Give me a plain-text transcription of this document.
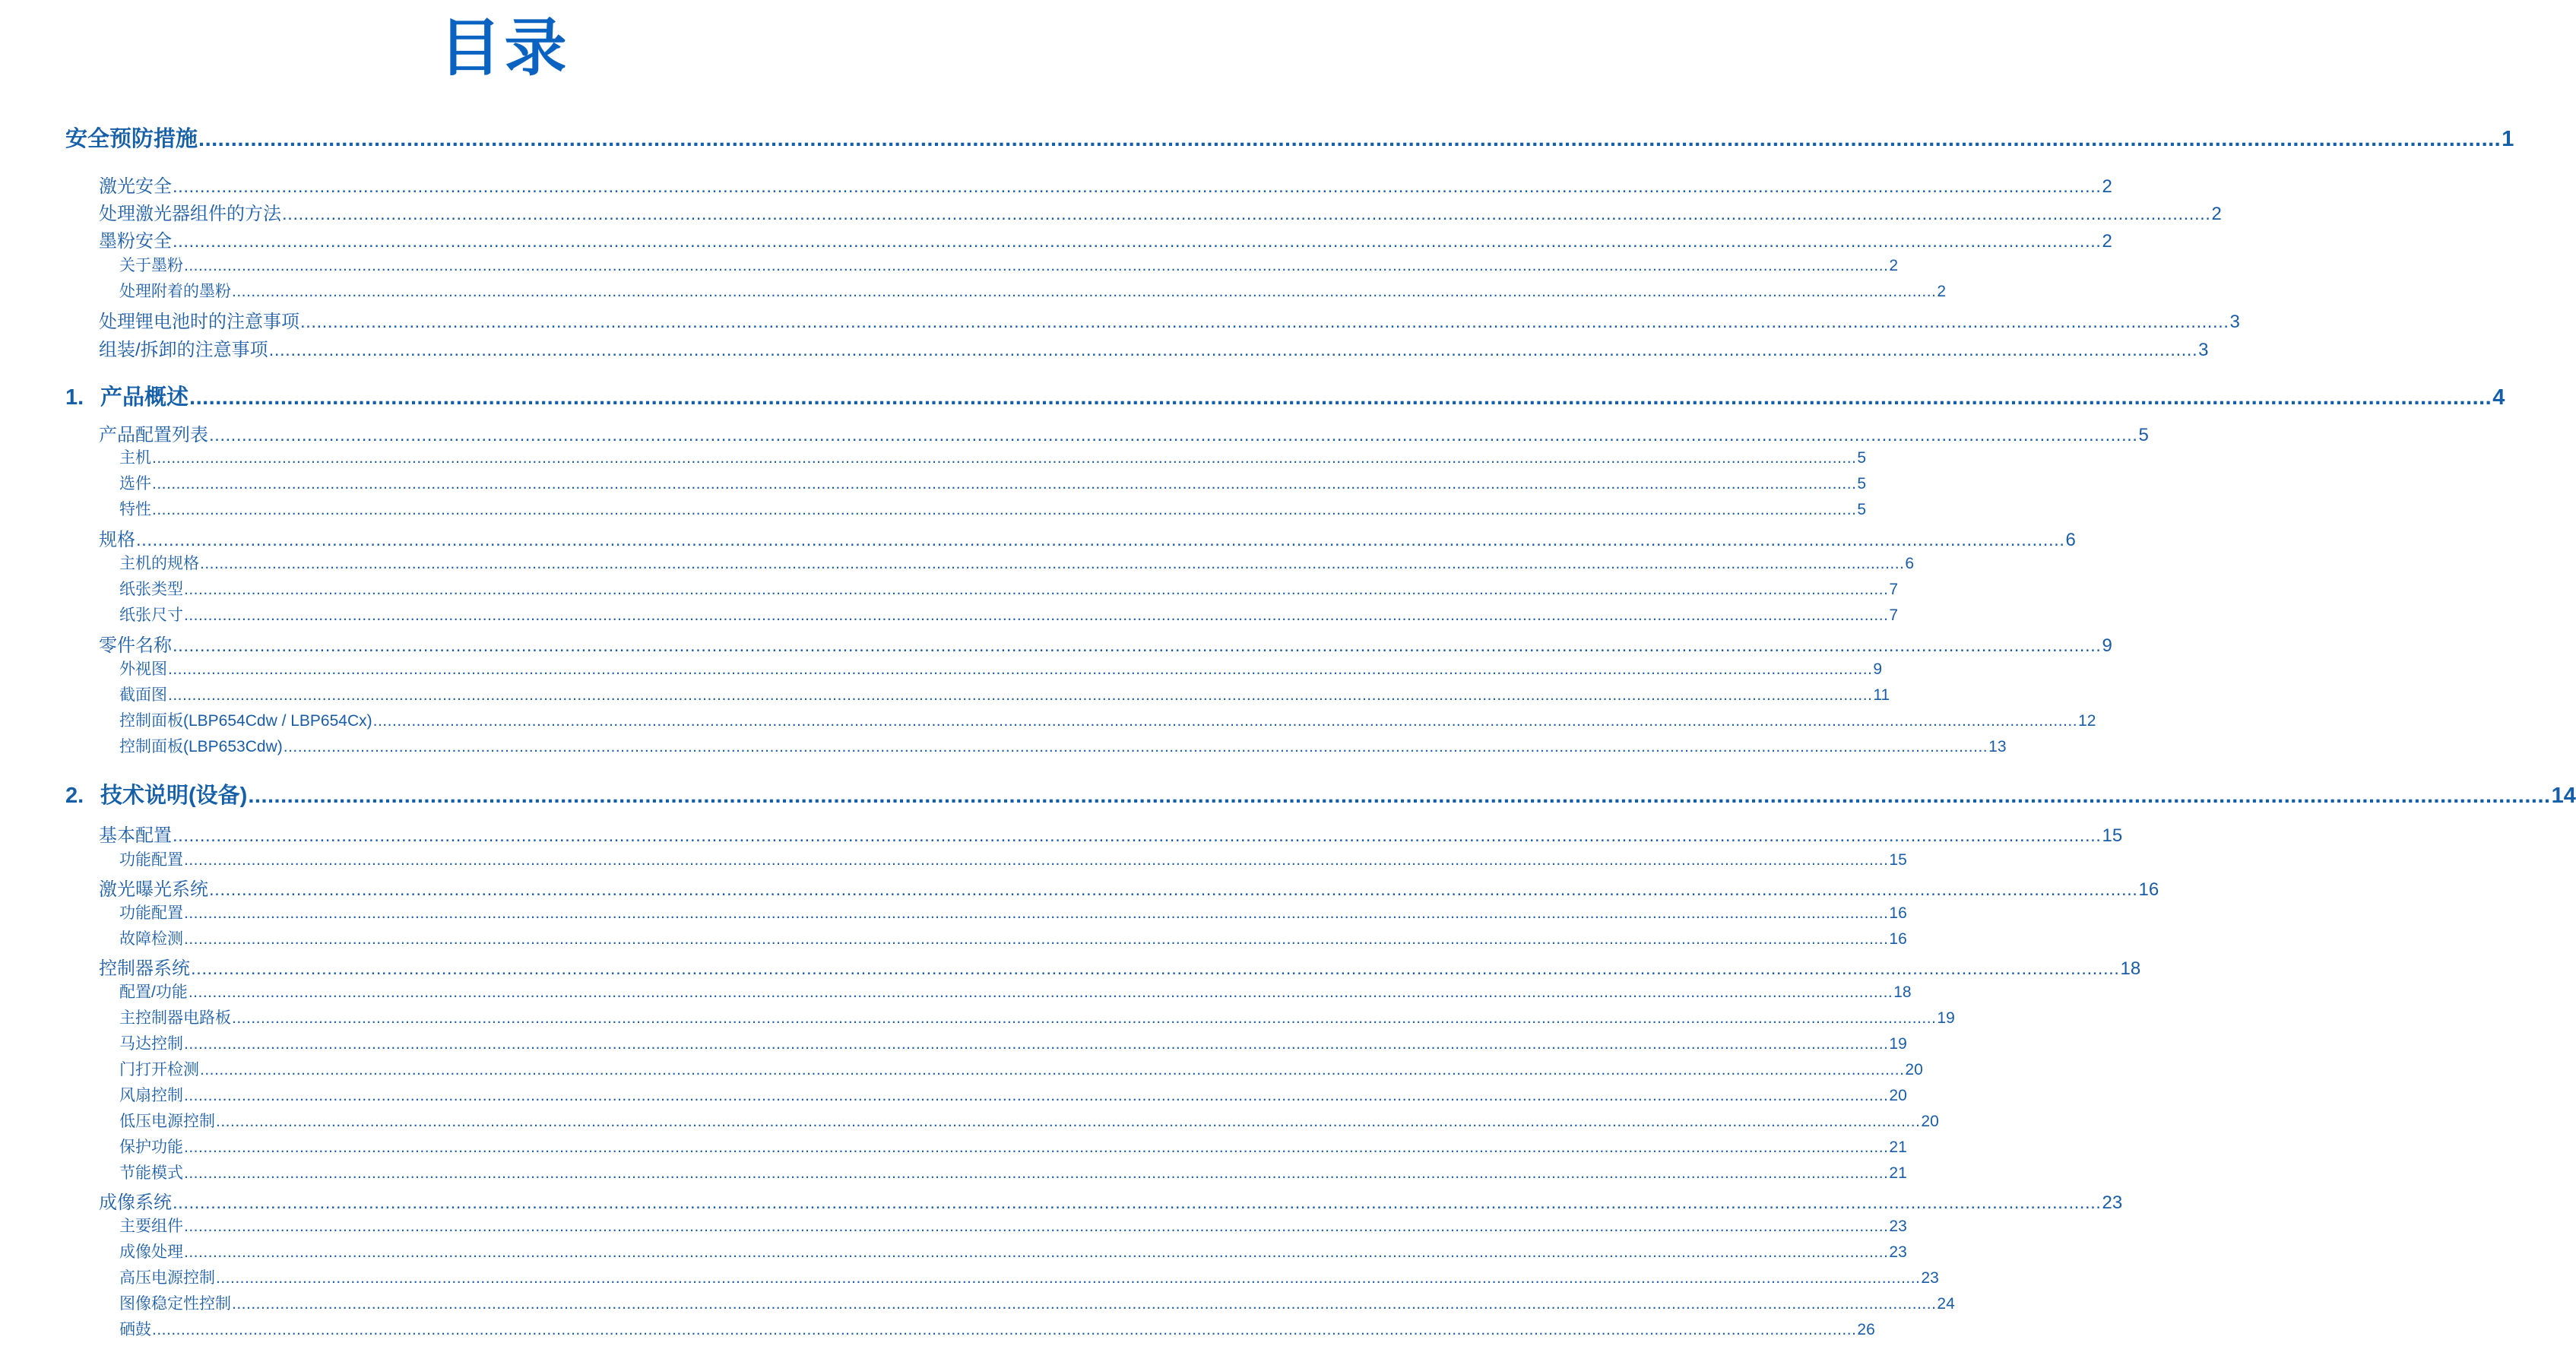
目录
安全预防措施 .................................................................................................................................................................................................................................................................................................................................................................. 1
激光安全 .................................................................................................................................................................................................................................................................................................................................................................. 2
处理激光器组件的方法 .................................................................................................................................................................................................................................................................................................................................................................. 2
墨粉安全 .................................................................................................................................................................................................................................................................................................................................................................. 2
关于墨粉 .................................................................................................................................................................................................................................................................................................................................................................. 2
处理附着的墨粉 .................................................................................................................................................................................................................................................................................................................................................................. 2
处理锂电池时的注意事项 .................................................................................................................................................................................................................................................................................................................................................................. 3
组装/拆卸的注意事项 .................................................................................................................................................................................................................................................................................................................................................................. 3
1. 产品概述 .................................................................................................................................................................................................................................................................................................................................................................. 4
产品配置列表 .................................................................................................................................................................................................................................................................................................................................................................. 5
主机 .................................................................................................................................................................................................................................................................................................................................................................. 5
选件 .................................................................................................................................................................................................................................................................................................................................................................. 5
特性 .................................................................................................................................................................................................................................................................................................................................................................. 5
规格 .................................................................................................................................................................................................................................................................................................................................................................. 6
主机的规格 .................................................................................................................................................................................................................................................................................................................................................................. 6
纸张类型 .................................................................................................................................................................................................................................................................................................................................................................. 7
纸张尺寸 .................................................................................................................................................................................................................................................................................................................................................................. 7
零件名称 .................................................................................................................................................................................................................................................................................................................................................................. 9
外视图 .................................................................................................................................................................................................................................................................................................................................................................. 9
截面图 .................................................................................................................................................................................................................................................................................................................................................................. 11
控制面板(LBP654Cdw / LBP654Cx) .................................................................................................................................................................................................................................................................................................................................................................. 12
控制面板(LBP653Cdw) .................................................................................................................................................................................................................................................................................................................................................................. 13
2. 技术说明(设备) .................................................................................................................................................................................................................................................................................................................................................................. 14
基本配置 .................................................................................................................................................................................................................................................................................................................................................................. 15
功能配置 .................................................................................................................................................................................................................................................................................................................................................................. 15
激光曝光系统 .................................................................................................................................................................................................................................................................................................................................................................. 16
功能配置 .................................................................................................................................................................................................................................................................................................................................................................. 16
故障检测 .................................................................................................................................................................................................................................................................................................................................................................. 16
控制器系统 .................................................................................................................................................................................................................................................................................................................................................................. 18
配置/功能 .................................................................................................................................................................................................................................................................................................................................................................. 18
主控制器电路板 .................................................................................................................................................................................................................................................................................................................................................................. 19
马达控制 .................................................................................................................................................................................................................................................................................................................................................................. 19
门打开检测 .................................................................................................................................................................................................................................................................................................................................................................. 20
风扇控制 .................................................................................................................................................................................................................................................................................................................................................................. 20
低压电源控制 .................................................................................................................................................................................................................................................................................................................................................................. 20
保护功能 .................................................................................................................................................................................................................................................................................................................................................................. 21
节能模式 .................................................................................................................................................................................................................................................................................................................................................................. 21
成像系统 .................................................................................................................................................................................................................................................................................................................................................................. 23
主要组件 .................................................................................................................................................................................................................................................................................................................................................................. 23
成像处理 .................................................................................................................................................................................................................................................................................................................................................................. 23
高压电源控制 .................................................................................................................................................................................................................................................................................................................................................................. 23
图像稳定性控制 .................................................................................................................................................................................................................................................................................................................................................................. 24
硒鼓 .................................................................................................................................................................................................................................................................................................................................................................. 26
